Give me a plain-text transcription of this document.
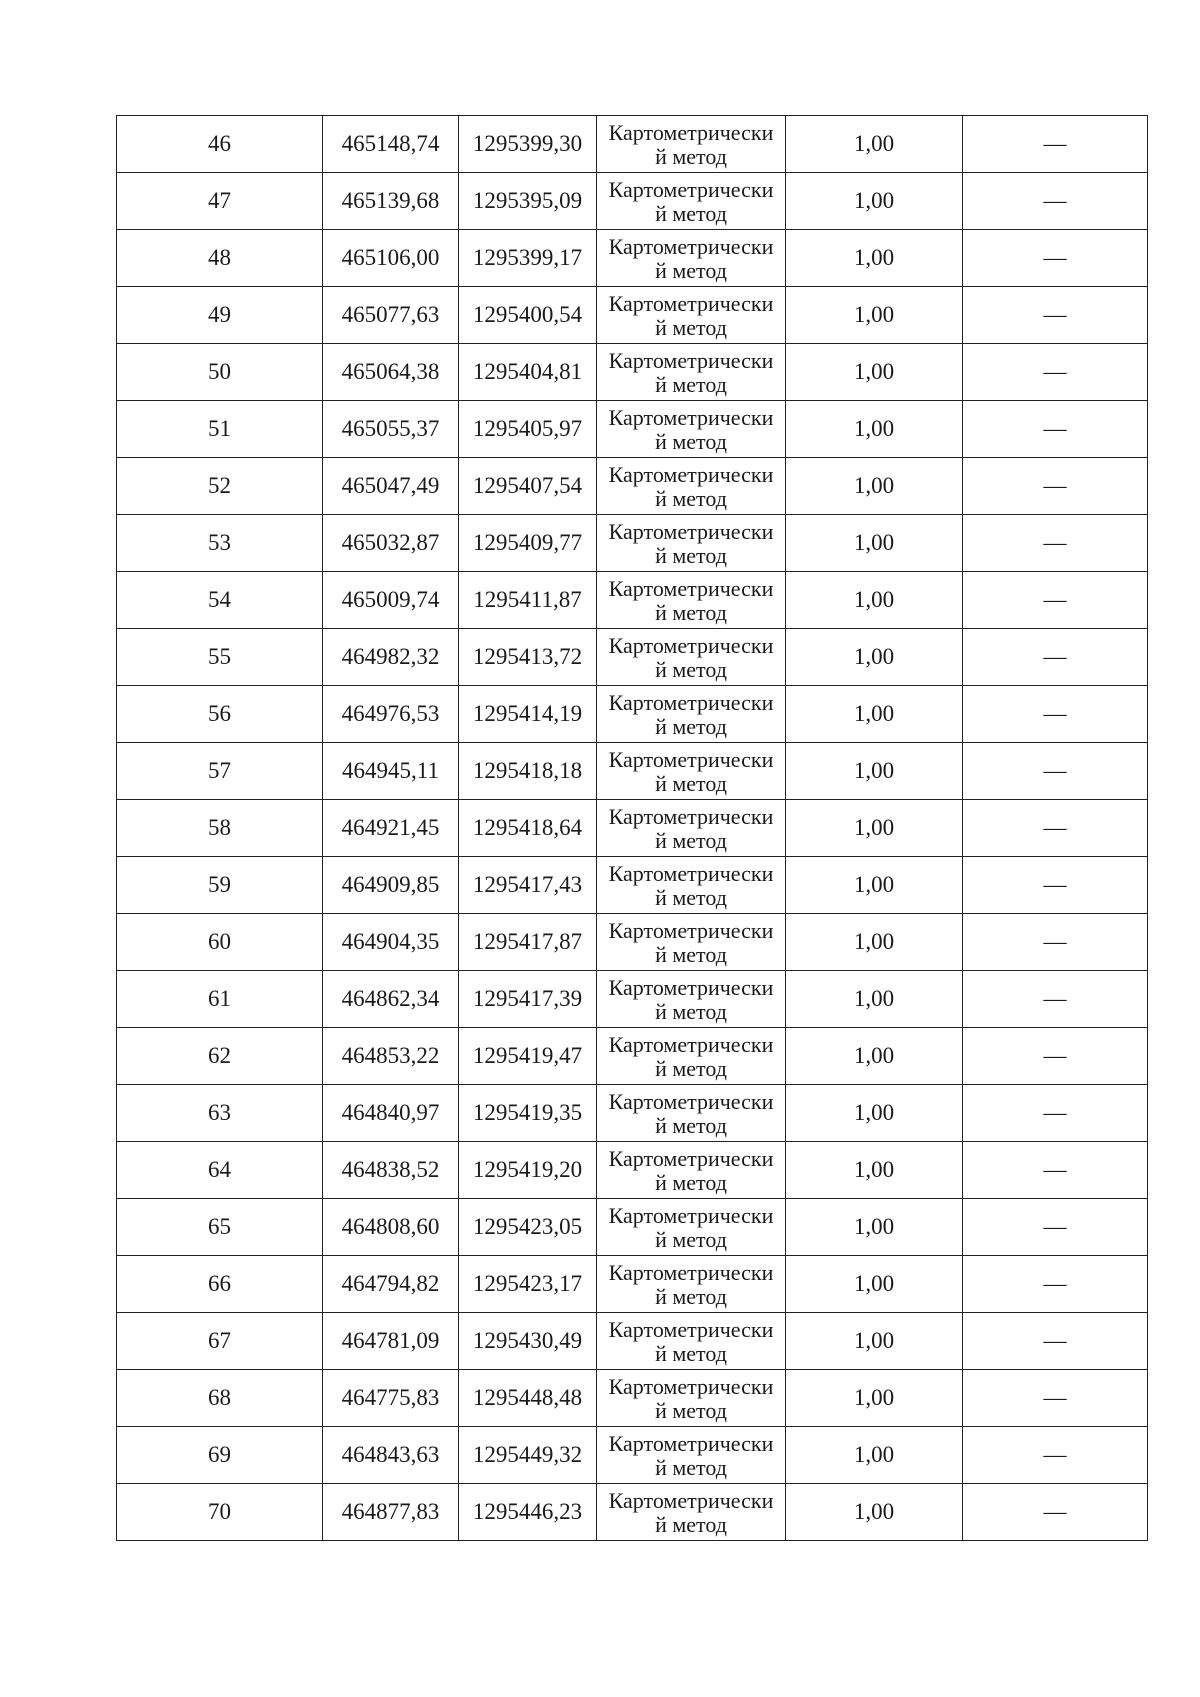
46	465148,74	1295399,30	Картометрически
й метод	1,00	—
47	465139,68	1295395,09	Картометрически
й метод	1,00	—
48	465106,00	1295399,17	Картометрически
й метод	1,00	—
49	465077,63	1295400,54	Картометрически
й метод	1,00	—
50	465064,38	1295404,81	Картометрически
й метод	1,00	—
51	465055,37	1295405,97	Картометрически
й метод	1,00	—
52	465047,49	1295407,54	Картометрически
й метод	1,00	—
53	465032,87	1295409,77	Картометрически
й метод	1,00	—
54	465009,74	1295411,87	Картометрически
й метод	1,00	—
55	464982,32	1295413,72	Картометрически
й метод	1,00	—
56	464976,53	1295414,19	Картометрически
й метод	1,00	—
57	464945,11	1295418,18	Картометрически
й метод	1,00	—
58	464921,45	1295418,64	Картометрически
й метод	1,00	—
59	464909,85	1295417,43	Картометрически
й метод	1,00	—
60	464904,35	1295417,87	Картометрически
й метод	1,00	—
61	464862,34	1295417,39	Картометрически
й метод	1,00	—
62	464853,22	1295419,47	Картометрически
й метод	1,00	—
63	464840,97	1295419,35	Картометрически
й метод	1,00	—
64	464838,52	1295419,20	Картометрически
й метод	1,00	—
65	464808,60	1295423,05	Картометрически
й метод	1,00	—
66	464794,82	1295423,17	Картометрически
й метод	1,00	—
67	464781,09	1295430,49	Картометрически
й метод	1,00	—
68	464775,83	1295448,48	Картометрически
й метод	1,00	—
69	464843,63	1295449,32	Картометрически
й метод	1,00	—
70	464877,83	1295446,23	Картометрически
й метод	1,00	—
